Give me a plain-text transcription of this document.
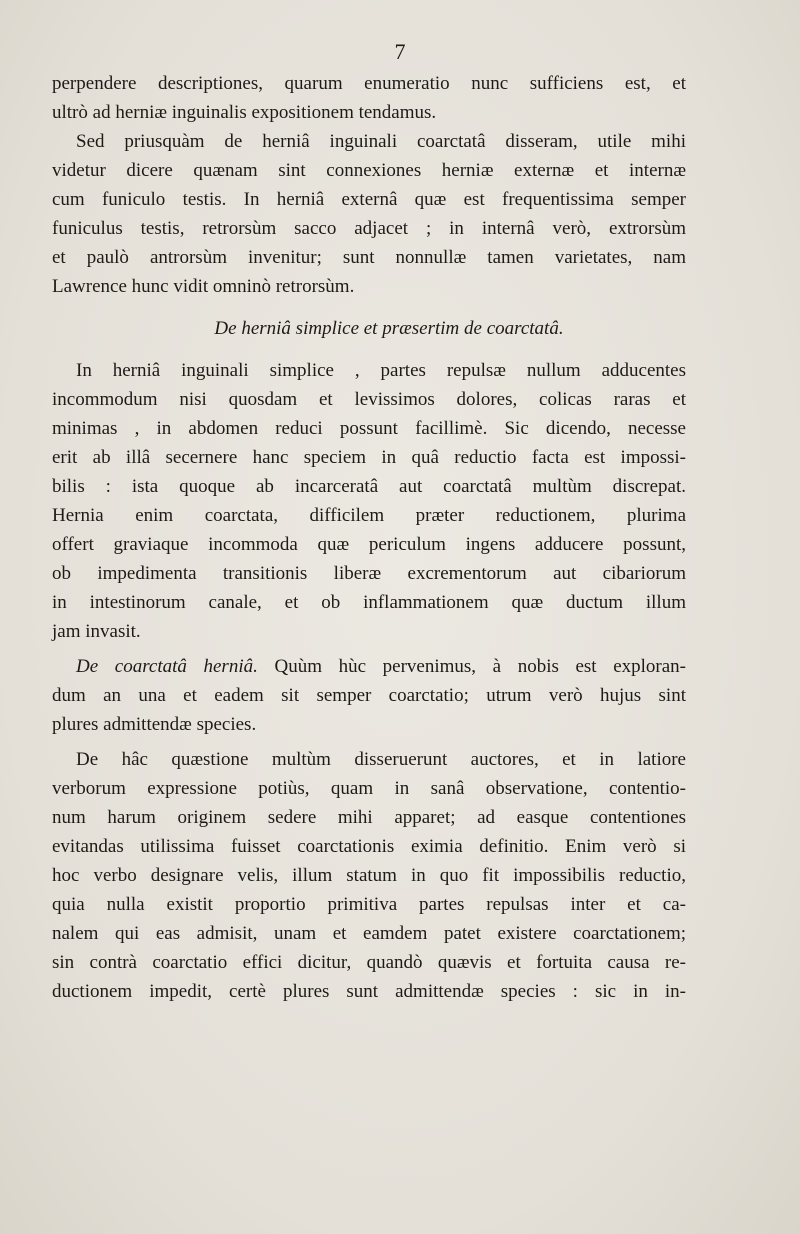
7
perpendere descriptiones, quarum enumeratio nunc sufficiens est, et
ultrò ad herniæ inguinalis expositionem tendamus.
Sed priusquàm de herniâ inguinali coarctatâ disseram, utile mihi
videtur dicere quænam sint connexiones herniæ externæ et internæ
cum funiculo testis. In herniâ externâ quæ est frequentissima semper
funiculus testis, retrorsùm sacco adjacet ; in internâ verò, extrorsùm
et paulò antrorsùm invenitur; sunt nonnullæ tamen varietates, nam
Lawrence hunc vidit omninò retrorsùm.
De herniâ simplice et præsertim de coarctatâ.
In herniâ inguinali simplice , partes repulsæ nullum adducentes
incommodum nisi quosdam et levissimos dolores, colicas raras et
minimas , in abdomen reduci possunt facillimè. Sic dicendo, necesse
erit ab illâ secernere hanc speciem in quâ reductio facta est impossi-
bilis : ista quoque ab incarceratâ aut coarctatâ multùm discrepat.
Hernia enim coarctata, difficilem præter reductionem, plurima
offert graviaque incommoda quæ periculum ingens adducere possunt,
ob impedimenta transitionis liberæ excrementorum aut cibariorum
in intestinorum canale, et ob inflammationem quæ ductum illum
jam invasit.
De coarctatâ herniâ. Quùm hùc pervenimus, à nobis est exploran-
dum an una et eadem sit semper coarctatio; utrum verò hujus sint
plures admittendæ species.
De hâc quæstione multùm disseruerunt auctores, et in latiore
verborum expressione potiùs, quam in sanâ observatione, contentio-
num harum originem sedere mihi apparet; ad easque contentiones
evitandas utilissima fuisset coarctationis eximia definitio. Enim verò si
hoc verbo designare velis, illum statum in quo fit impossibilis reductio,
quia nulla existit proportio primitiva partes repulsas inter et ca-
nalem qui eas admisit, unam et eamdem patet existere coarctationem;
sin contrà coarctatio effici dicitur, quandò quævis et fortuita causa re-
ductionem impedit, certè plures sunt admittendæ species : sic in in-
